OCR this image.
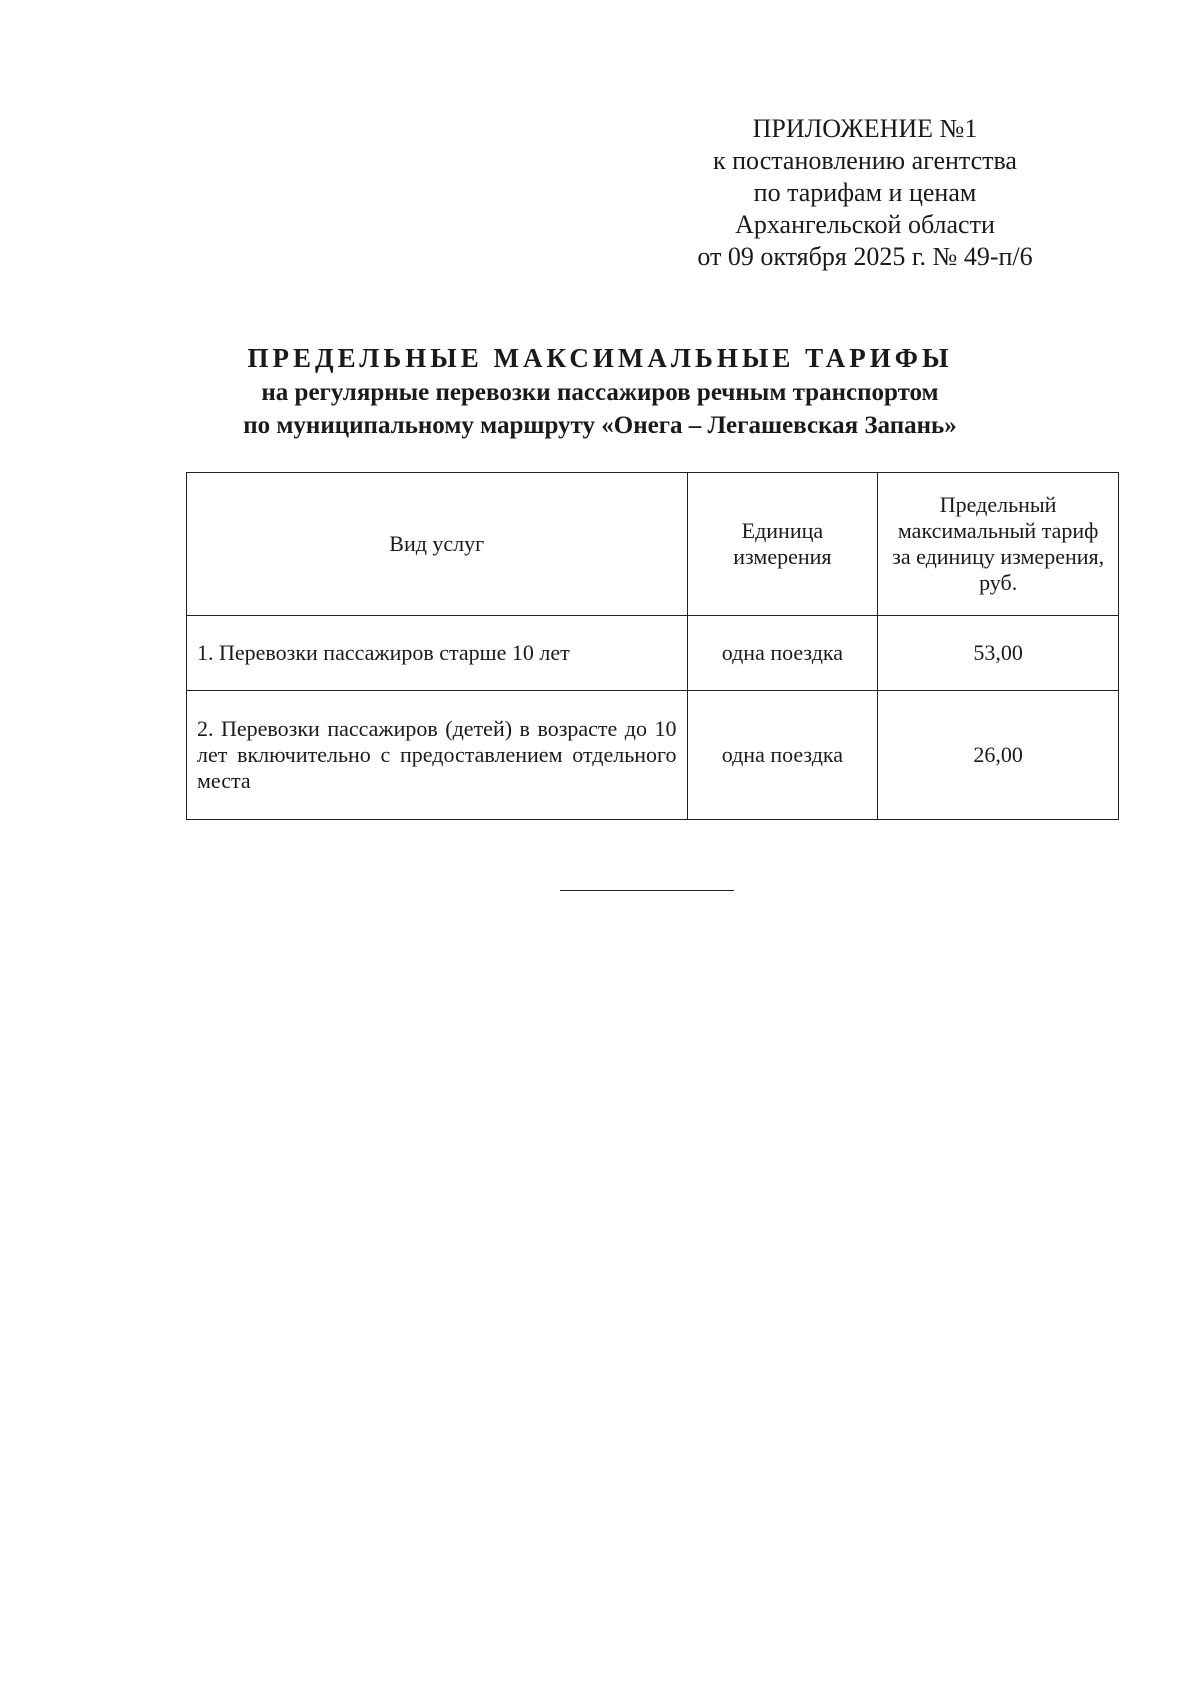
ПРИЛОЖЕНИЕ №1
к постановлению агентства
по тарифам и ценам
Архангельской области
от 09 октября 2025 г. № 49-п/6
ПРЕДЕЛЬНЫЕ МАКСИМАЛЬНЫЕ ТАРИФЫ
на регулярные перевозки пассажиров речным транспортом
по муниципальному маршруту «Онега – Легашевская Запань»
Вид услуг	Единица измерения	Предельный максимальный тариф за единицу измерения, руб.
1. Перевозки пассажиров старше 10 лет	одна поездка	53,00
2. Перевозки пассажиров (детей) в возрасте до 10 лет включительно с предоставлением отдельного места	одна поездка	26,00
